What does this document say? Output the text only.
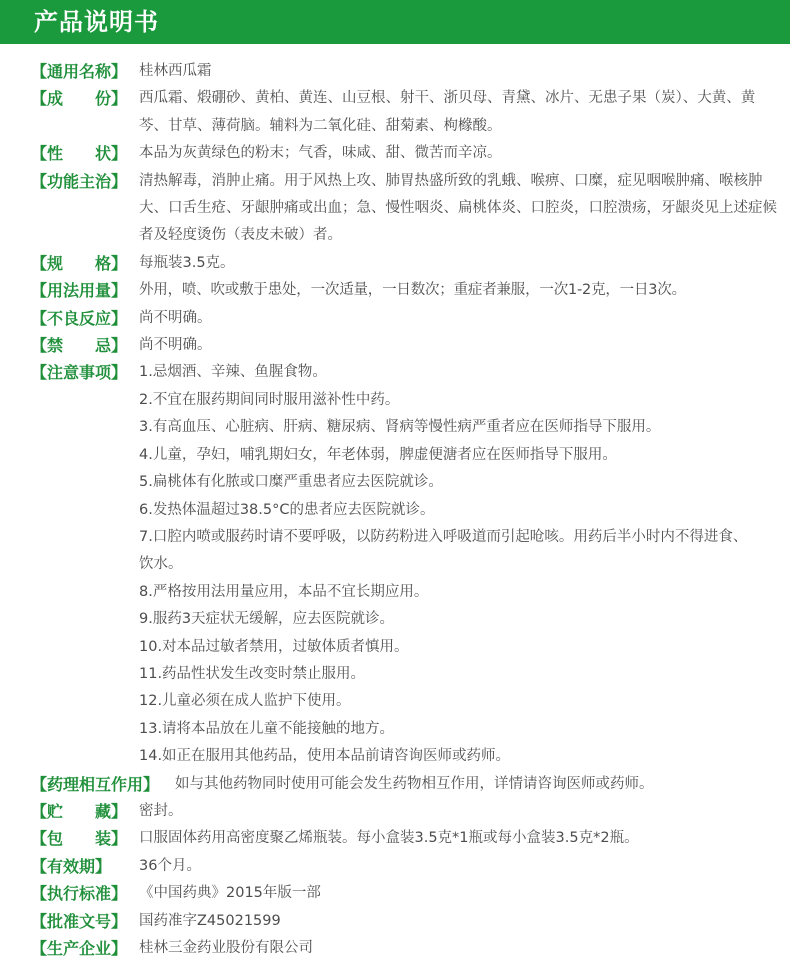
产品说明书
【通用名称】 桂林西瓜霜
【成　　份】 西瓜霜、煅硼砂、黄柏、黄连、山豆根、射干、浙贝母、青黛、冰片、无患子果（炭）、大黄、黄芩、甘草、薄荷脑。辅料为二氧化硅、甜菊素、枸橼酸。
【性　　状】 本品为灰黄绿色的粉末；气香，味咸、甜、微苦而辛凉。
【功能主治】 清热解毒，消肿止痛。用于风热上攻、肺胃热盛所致的乳蛾、喉痹、口糜，症见咽喉肿痛、喉核肿大、口舌生疮、牙龈肿痛或出血；急、慢性咽炎、扁桃体炎、口腔炎，口腔溃疡，牙龈炎见上述症候者及轻度烫伤（表皮未破）者。
【规　　格】 每瓶装3.5克。
【用法用量】 外用，喷、吹或敷于患处，一次适量，一日数次；重症者兼服，一次1-2克，一日3次。
【不良反应】 尚不明确。
【禁　　忌】 尚不明确。
【注意事项】 1.忌烟酒、辛辣、鱼腥食物。
2.不宜在服药期间同时服用滋补性中药。
3.有高血压、心脏病、肝病、糖尿病、肾病等慢性病严重者应在医师指导下服用。
4.儿童，孕妇，哺乳期妇女，年老体弱，脾虚便溏者应在医师指导下服用。
5.扁桃体有化脓或口糜严重患者应去医院就诊。
6.发热体温超过38.5°C的患者应去医院就诊。
7.口腔内喷或服药时请不要呼吸，以防药粉进入呼吸道而引起呛咳。用药后半小时内不得进食、饮水。
8.严格按用法用量应用，本品不宜长期应用。
9.服药3天症状无缓解，应去医院就诊。
10.对本品过敏者禁用，过敏体质者慎用。
11.药品性状发生改变时禁止服用。
12.儿童必须在成人监护下使用。
13.请将本品放在儿童不能接触的地方。
14.如正在服用其他药品，使用本品前请咨询医师或药师。
【药理相互作用】	如与其他药物同时使用可能会发生药物相互作用，详情请咨询医师或药师。
【贮　　藏】 密封。
【包　　装】 口服固体药用高密度聚乙烯瓶装。每小盒装3.5克*1瓶或每小盒装3.5克*2瓶。
【有效期】	36个月。
【执行标准】 《中国药典》2015年版一部
【批准文号】 国药准字Z45021599
【生产企业】 桂林三金药业股份有限公司
